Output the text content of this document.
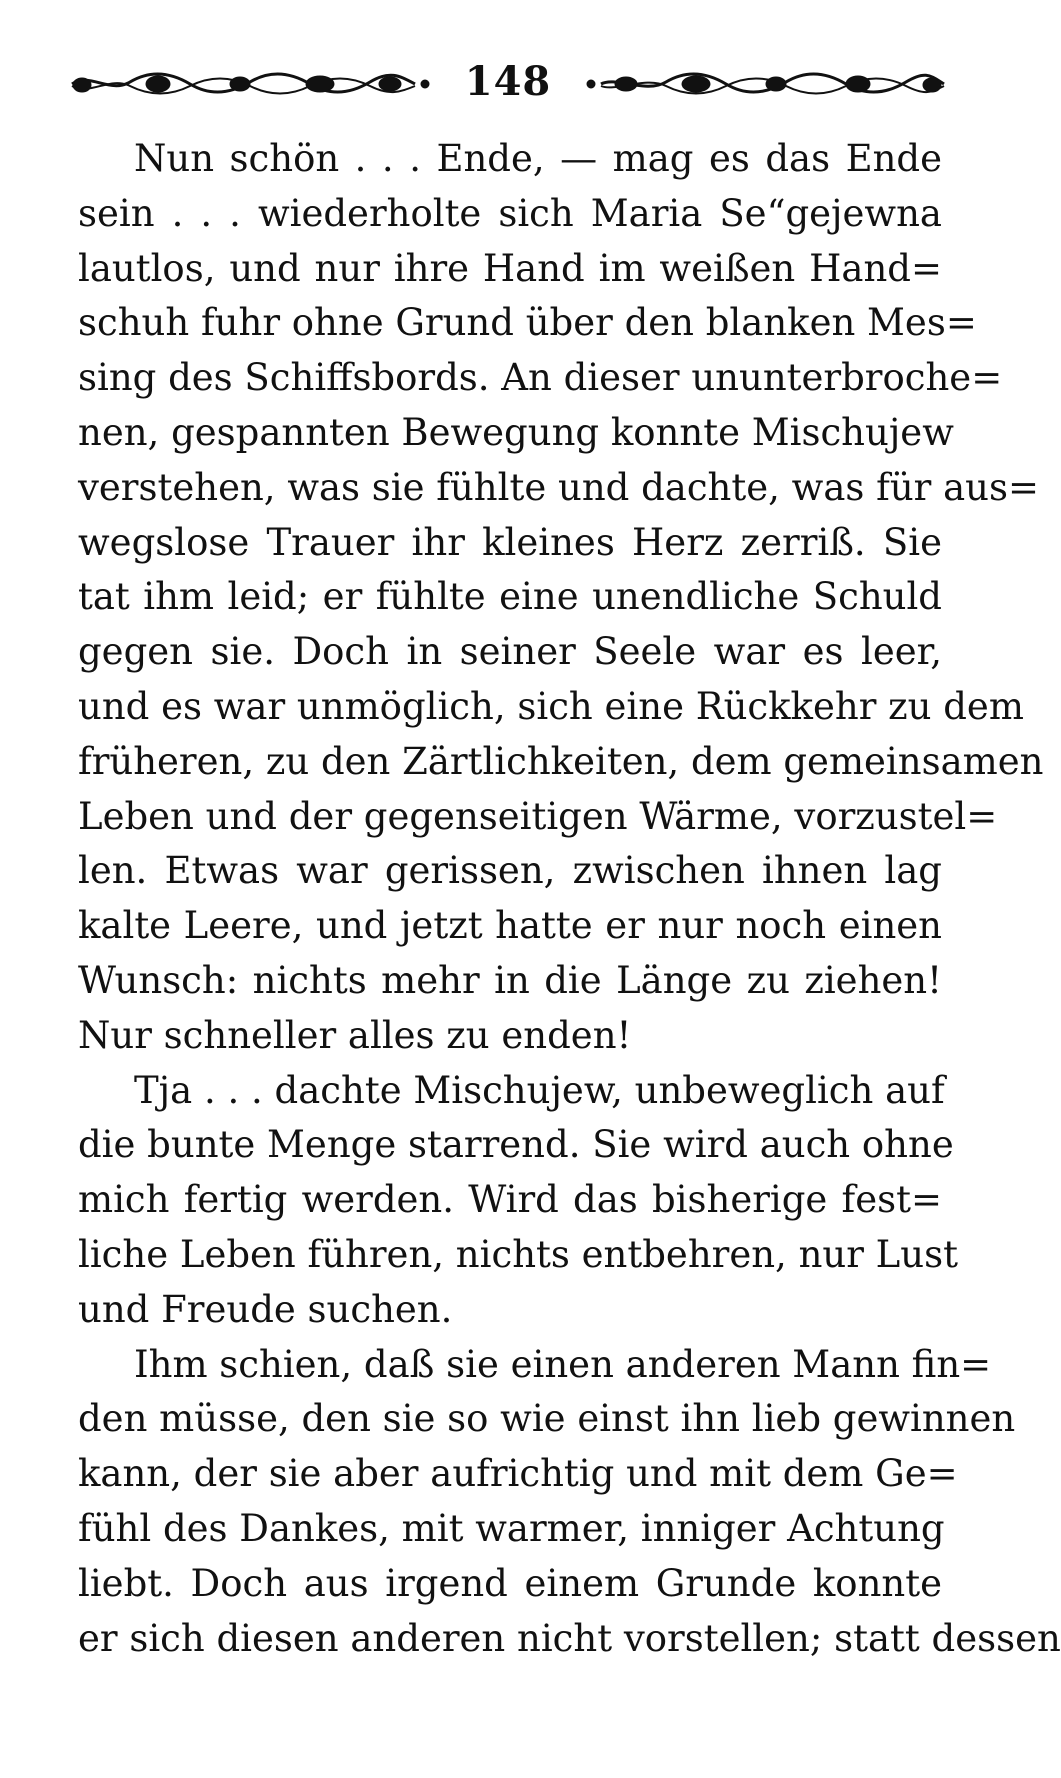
148
Nun schön . . . Ende, — mag es das Ende
sein . . . wiederholte sich Maria Se“gejewna
lautlos, und nur ihre Hand im weißen Hand=
schuh fuhr ohne Grund über den blanken Mes=
sing des Schiffsbords. An dieser ununterbroche=
nen, gespannten Bewegung konnte Mischujew
verstehen, was sie fühlte und dachte, was für aus=
wegslose Trauer ihr kleines Herz zerriß. Sie
tat ihm leid; er fühlte eine unendliche Schuld
gegen sie. Doch in seiner Seele war es leer,
und es war unmöglich, sich eine Rückkehr zu dem
früheren, zu den Zärtlichkeiten, dem gemeinsamen
Leben und der gegenseitigen Wärme, vorzustel=
len. Etwas war gerissen, zwischen ihnen lag
kalte Leere, und jetzt hatte er nur noch einen
Wunsch: nichts mehr in die Länge zu ziehen!
Nur schneller alles zu enden!
Tja . . . dachte Mischujew, unbeweglich auf
die bunte Menge starrend. Sie wird auch ohne
mich fertig werden. Wird das bisherige fest=
liche Leben führen, nichts entbehren, nur Lust
und Freude suchen.
Ihm schien, daß sie einen anderen Mann fin=
den müsse, den sie so wie einst ihn lieb gewinnen
kann, der sie aber aufrichtig und mit dem Ge=
fühl des Dankes, mit warmer, inniger Achtung
liebt. Doch aus irgend einem Grunde konnte
er sich diesen anderen nicht vorstellen; statt dessen
